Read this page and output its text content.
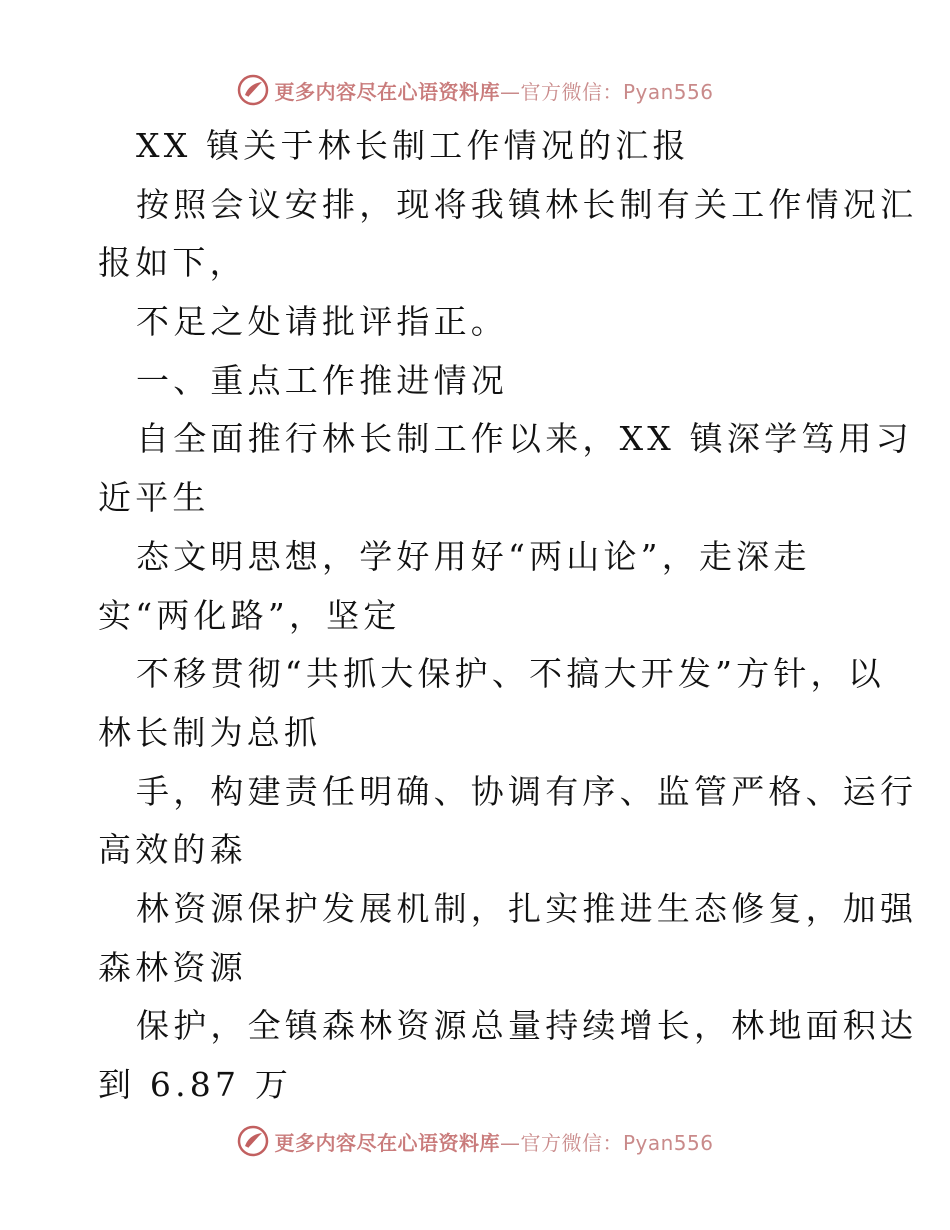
更多内容尽在心语资料库—官方微信：Pyan556
XX 镇关于林长制工作情况的汇报
按照会议安排，现将我镇林长制有关工作情况汇
报如下，
不足之处请批评指正。
一、重点工作推进情况
自全面推行林长制工作以来，XX 镇深学笃用习
近平生
态文明思想，学好用好“两山论”，走深走
实“两化路”，坚定
不移贯彻“共抓大保护、不搞大开发”方针，以
林长制为总抓
手，构建责任明确、协调有序、监管严格、运行
高效的森
林资源保护发展机制，扎实推进生态修复，加强
森林资源
保护，全镇森林资源总量持续增长，林地面积达
到 6.87 万
更多内容尽在心语资料库—官方微信：Pyan556
